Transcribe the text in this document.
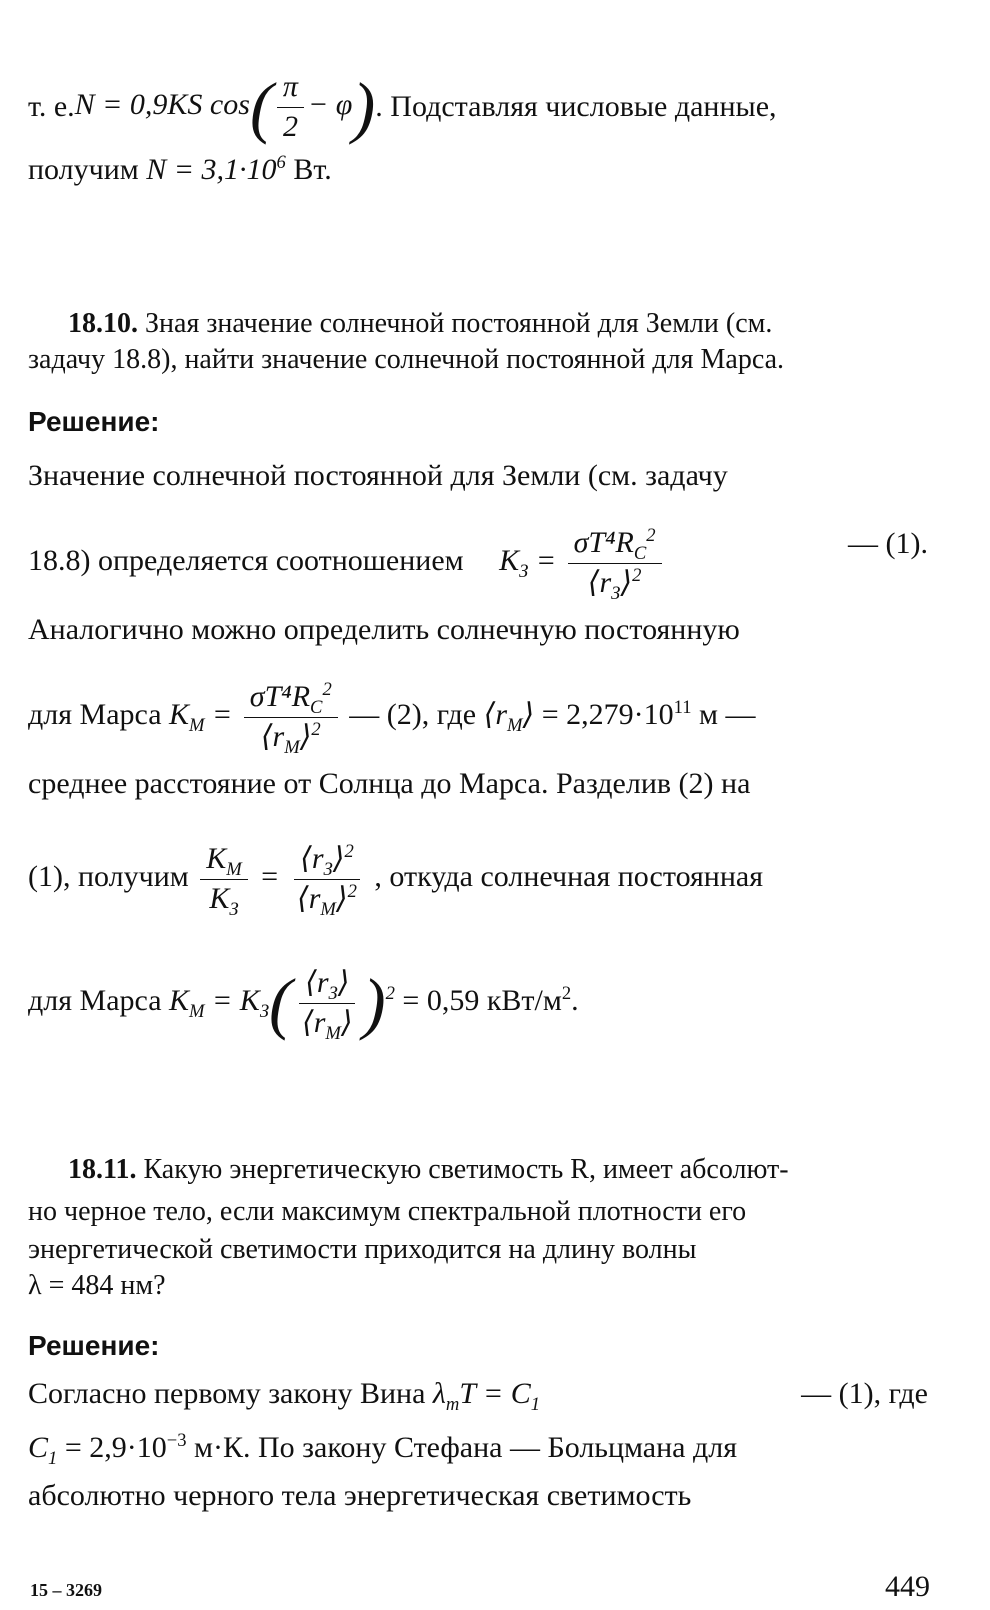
т. е. N = 0,9KS $\cos( \frac{\pi}{2} - \varphi)$ . Подставляя числовые данные,
получим $N = 3,1\cdot 10^6$ Вт.
18.10. Зная значение солнечной постоянной для Земли (см.
задачу 18.8), найти значение солнечной постоянной для Марса.
Решение:
Значение солнечной постоянной для Земли (см. задачу
18.8) определяется соотношением $K_З = \frac{\sigma T^4R_С^2}{⟨r_З⟩^2}$	— (1).
Аналогично можно определить солнечную постоянную
для Марса $K_М = \frac{\sigma T^4R_С^2}{⟨r_М⟩^2}$ — (2), где $⟨r_М⟩ = 2,279\cdot 10^{11}$ м —
среднее расстояние от Солнца до Марса. Разделив (2) на
(1), получим $\frac{K_М}{K_З} = \frac{⟨r_З⟩^2}{⟨r_М⟩^2}$ , откуда солнечная постоянная
для Марса $K_М = K_З( \frac{⟨r_З⟩}{⟨r_М⟩} )^2 = 0,59$ кВт/$м^2$.
18.11. Какую энергетическую светимость R, имеет абсолют-
но черное тело, если максимум спектральной плотности его
энергетической светимости приходится на длину волны
λ = 484 нм?
Решение:
Согласно первому закону Вина $\lambda_mT = C_1$	— (1), где
$C_1 = 2,9\cdot 10^{-3}$ м·К. По закону Стефана — Больцмана для
абсолютно черного тела энергетическая светимость
15 – 3269	449
